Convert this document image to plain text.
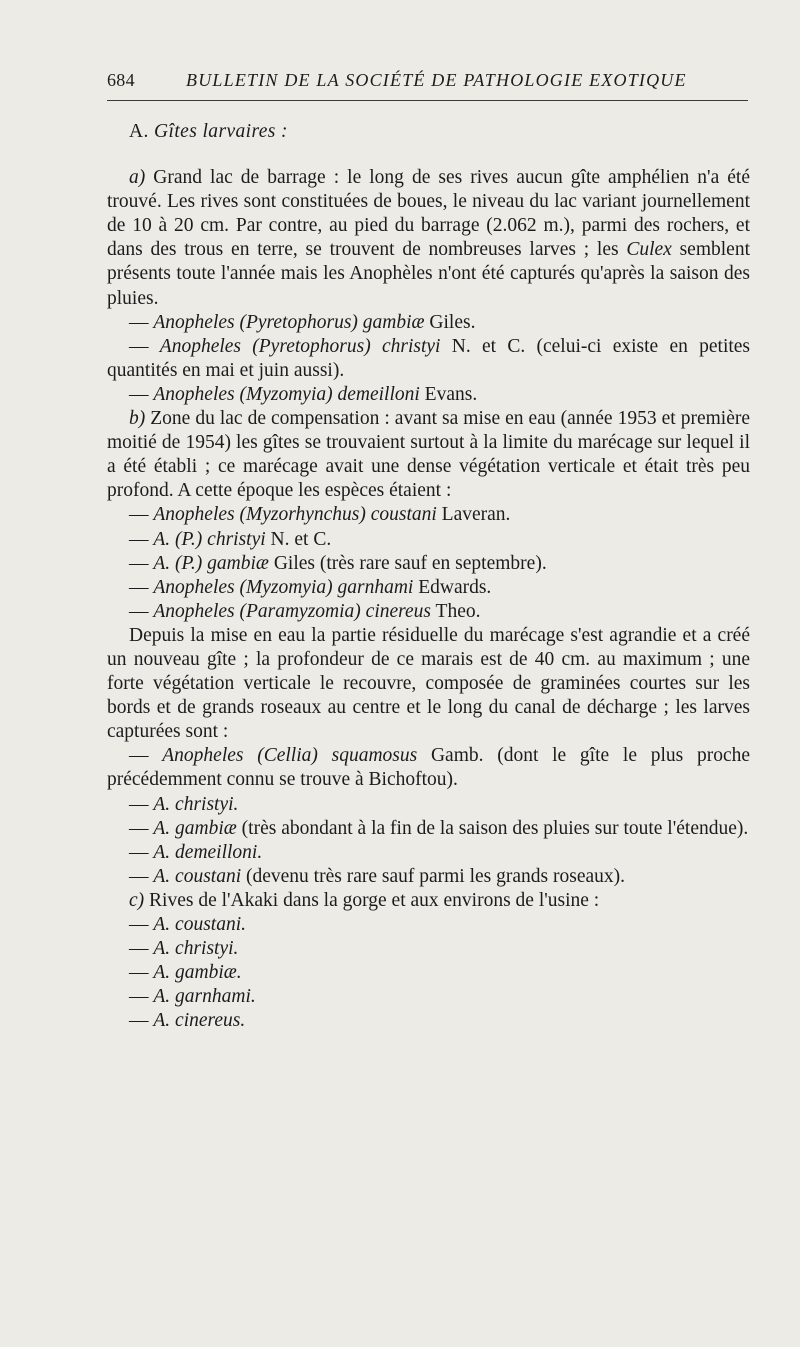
684	BULLETIN DE LA SOCIÉTÉ DE PATHOLOGIE EXOTIQUE

A. Gîtes larvaires :

a) Grand lac de barrage : le long de ses rives aucun gîte amphélien n'a été trouvé. Les rives sont constituées de boues, le niveau du lac variant journellement de 10 à 20 cm. Par contre, au pied du barrage (2.062 m.), parmi des rochers, et dans des trous en terre, se trouvent de nombreuses larves ; les Culex semblent présents toute l'année mais les Anophèles n'ont été capturés qu'après la saison des pluies.

— Anopheles (Pyretophorus) gambiæ Giles.

— Anopheles (Pyretophorus) christyi N. et C. (celui-ci existe en petites quantités en mai et juin aussi).

— Anopheles (Myzomyia) demeilloni Evans.

b) Zone du lac de compensation : avant sa mise en eau (année 1953 et première moitié de 1954) les gîtes se trouvaient surtout à la limite du marécage sur lequel il a été établi ; ce marécage avait une dense végétation verticale et était très peu profond. A cette époque les espèces étaient :

— Anopheles (Myzorhynchus) coustani Laveran.

— A. (P.) christyi N. et C.

— A. (P.) gambiæ Giles (très rare sauf en septembre).

— Anopheles (Myzomyia) garnhami Edwards.

— Anopheles (Paramyzomia) cinereus Theo.

Depuis la mise en eau la partie résiduelle du marécage s'est agrandie et a créé un nouveau gîte ; la profondeur de ce marais est de 40 cm. au maximum ; une forte végétation verticale le recouvre, composée de graminées courtes sur les bords et de grands roseaux au centre et le long du canal de décharge ; les larves capturées sont :

— Anopheles (Cellia) squamosus Gamb. (dont le gîte le plus proche précédemment connu se trouve à Bichoftou).

— A. christyi.

— A. gambiæ (très abondant à la fin de la saison des pluies sur toute l'étendue).

— A. demeilloni.

— A. coustani (devenu très rare sauf parmi les grands roseaux).

c) Rives de l'Akaki dans la gorge et aux environs de l'usine :

— A. coustani.

— A. christyi.

— A. gambiæ.

— A. garnhami.

— A. cinereus.
